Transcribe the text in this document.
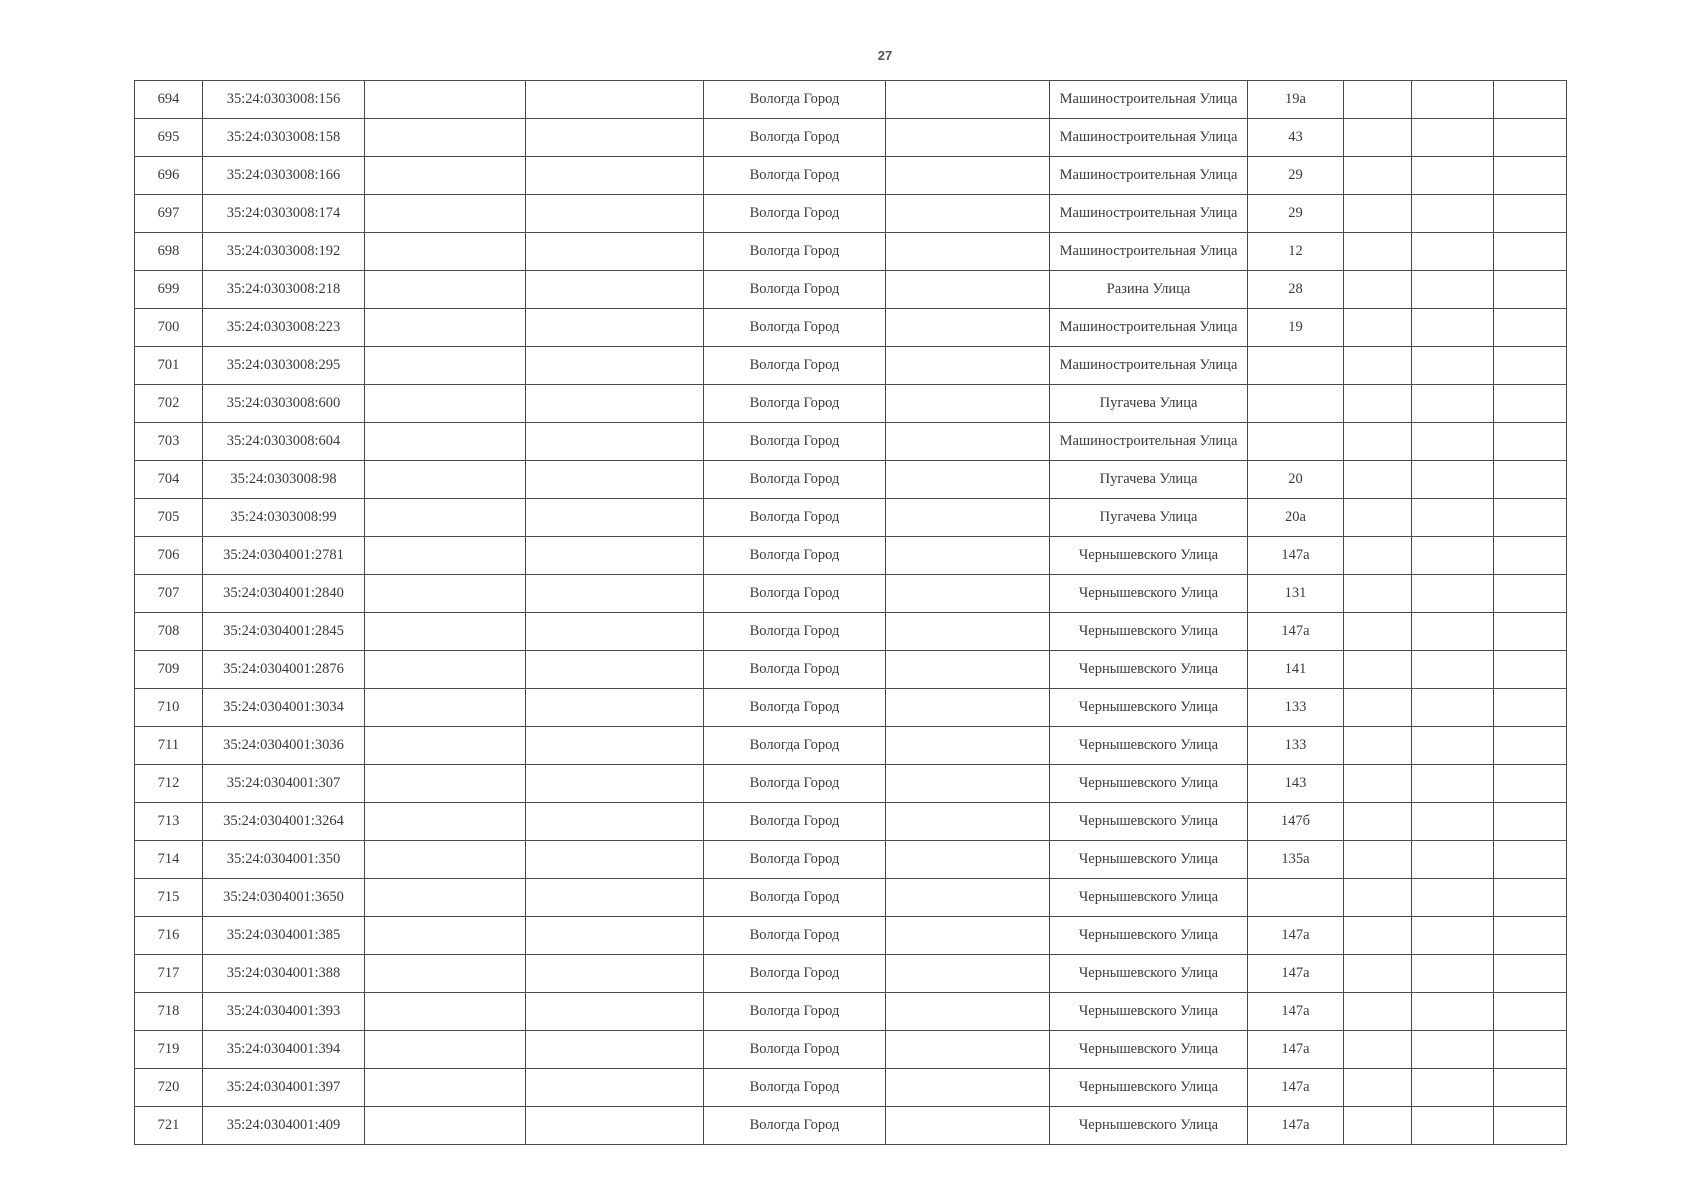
27
694	35:24:0303008:156			Вологда Город		Машиностроительная Улица	19а			
695	35:24:0303008:158			Вологда Город		Машиностроительная Улица	43			
696	35:24:0303008:166			Вологда Город		Машиностроительная Улица	29			
697	35:24:0303008:174			Вологда Город		Машиностроительная Улица	29			
698	35:24:0303008:192			Вологда Город		Машиностроительная Улица	12			
699	35:24:0303008:218			Вологда Город		Разина Улица	28			
700	35:24:0303008:223			Вологда Город		Машиностроительная Улица	19			
701	35:24:0303008:295			Вологда Город		Машиностроительная Улица				
702	35:24:0303008:600			Вологда Город		Пугачева Улица				
703	35:24:0303008:604			Вологда Город		Машиностроительная Улица				
704	35:24:0303008:98			Вологда Город		Пугачева Улица	20			
705	35:24:0303008:99			Вологда Город		Пугачева Улица	20а			
706	35:24:0304001:2781			Вологда Город		Чернышевского Улица	147а			
707	35:24:0304001:2840			Вологда Город		Чернышевского Улица	131			
708	35:24:0304001:2845			Вологда Город		Чернышевского Улица	147а			
709	35:24:0304001:2876			Вологда Город		Чернышевского Улица	141			
710	35:24:0304001:3034			Вологда Город		Чернышевского Улица	133			
711	35:24:0304001:3036			Вологда Город		Чернышевского Улица	133			
712	35:24:0304001:307			Вологда Город		Чернышевского Улица	143			
713	35:24:0304001:3264			Вологда Город		Чернышевского Улица	147б			
714	35:24:0304001:350			Вологда Город		Чернышевского Улица	135а			
715	35:24:0304001:3650			Вологда Город		Чернышевского Улица				
716	35:24:0304001:385			Вологда Город		Чернышевского Улица	147а			
717	35:24:0304001:388			Вологда Город		Чернышевского Улица	147а			
718	35:24:0304001:393			Вологда Город		Чернышевского Улица	147а			
719	35:24:0304001:394			Вологда Город		Чернышевского Улица	147а			
720	35:24:0304001:397			Вологда Город		Чернышевского Улица	147а			
721	35:24:0304001:409			Вологда Город		Чернышевского Улица	147а			
